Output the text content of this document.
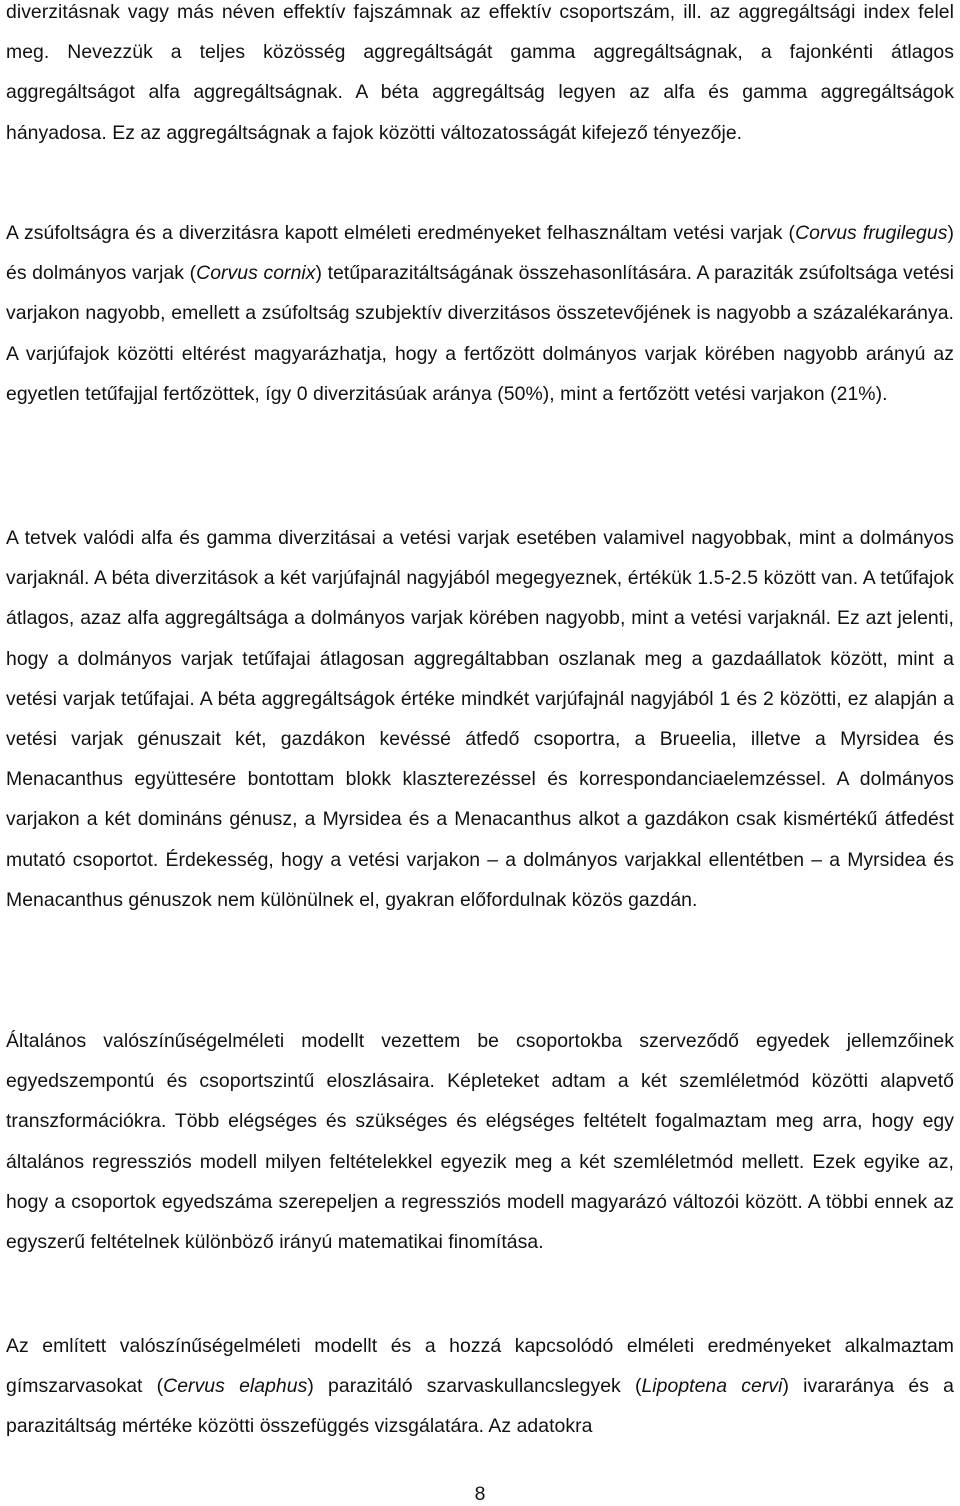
diverzitásnak vagy más néven effektív fajszámnak az effektív csoportszám, ill. az aggregáltsági index felel meg. Nevezzük a teljes közösség aggregáltságát gamma aggregáltságnak, a fajonkénti átlagos aggregáltságot alfa aggregáltságnak. A béta aggregáltság legyen az alfa és gamma aggregáltságok hányadosa. Ez az aggregáltságnak a fajok közötti változatosságát kifejező tényezője.

A zsúfoltságra és a diverzitásra kapott elméleti eredményeket felhasználtam vetési varjak (Corvus frugilegus) és dolmányos varjak (Corvus cornix) tetűparazitáltságának összehasonlítására. A paraziták zsúfoltsága vetési varjakon nagyobb, emellett a zsúfoltság szubjektív diverzitásos összetevőjének is nagyobb a százalékaránya. A varjúfajok közötti eltérést magyarázhatja, hogy a fertőzött dolmányos varjak körében nagyobb arányú az egyetlen tetűfajjal fertőzöttek, így 0 diverzitásúak aránya (50%), mint a fertőzött vetési varjakon (21%).

A tetvek valódi alfa és gamma diverzitásai a vetési varjak esetében valamivel nagyobbak, mint a dolmányos varjaknál. A béta diverzitások a két varjúfajnál nagyjából megegyeznek, értékük 1.5-2.5 között van. A tetűfajok átlagos, azaz alfa aggregáltsága a dolmányos varjak körében nagyobb, mint a vetési varjaknál. Ez azt jelenti, hogy a dolmányos varjak tetűfajai átlagosan aggregáltabban oszlanak meg a gazdaállatok között, mint a vetési varjak tetűfajai. A béta aggregáltságok értéke mindkét varjúfajnál nagyjából 1 és 2 közötti, ez alapján a vetési varjak génuszait két, gazdákon kevéssé átfedő csoportra, a Brueelia, illetve a Myrsidea és Menacanthus együttesére bontottam blokk klaszterezéssel és korrespondanciaelemzéssel. A dolmányos varjakon a két domináns génusz, a Myrsidea és a Menacanthus alkot a gazdákon csak kismértékű átfedést mutató csoportot. Érdekesség, hogy a vetési varjakon – a dolmányos varjakkal ellentétben – a Myrsidea és Menacanthus génuszok nem különülnek el, gyakran előfordulnak közös gazdán.

Általános valószínűségelméleti modellt vezettem be csoportokba szerveződő egyedek jellemzőinek egyedszempontú és csoportszintű eloszlásaira. Képleteket adtam a két szemléletmód közötti alapvető transzformációkra. Több elégséges és szükséges és elégséges feltételt fogalmaztam meg arra, hogy egy általános regressziós modell milyen feltételekkel egyezik meg a két szemléletmód mellett. Ezek egyike az, hogy a csoportok egyedszáma szerepeljen a regressziós modell magyarázó változói között. A többi ennek az egyszerű feltételnek különböző irányú matematikai finomítása.

Az említett valószínűségelméleti modellt és a hozzá kapcsolódó elméleti eredményeket alkalmaztam gímszarvasokat (Cervus elaphus) parazitáló szarvaskullancslegyek (Lipoptena cervi) ivararánya és a parazitáltság mértéke közötti összefüggés vizsgálatára. Az adatokra

8
